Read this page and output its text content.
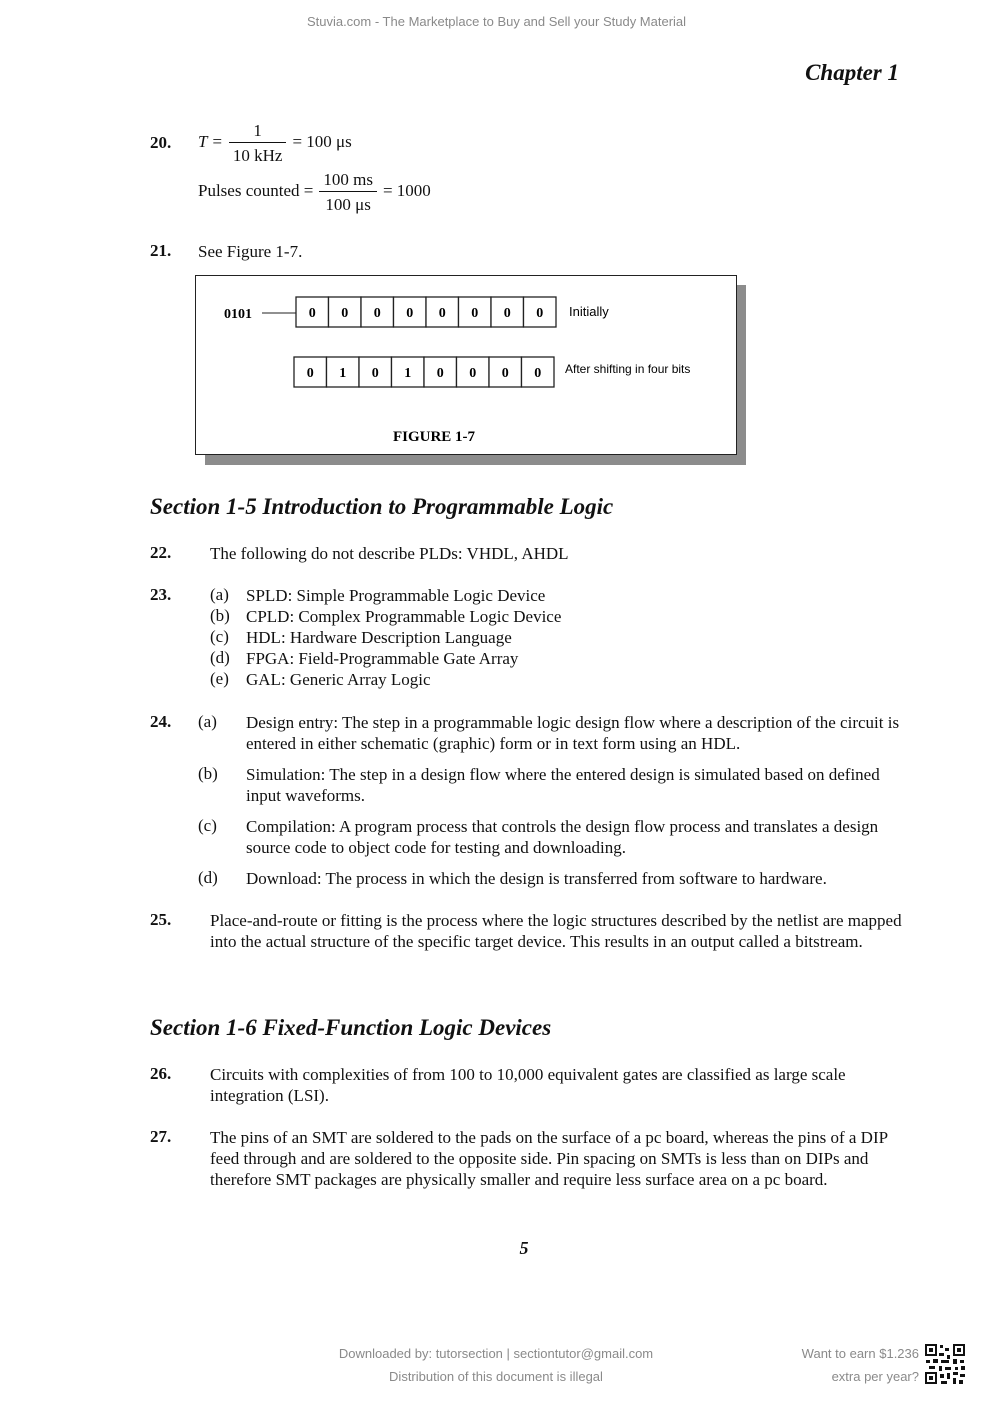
Stuvia.com - The Marketplace to Buy and Sell your Study Material
Chapter 1
20. $T = \frac{1}{\text{10 kHz}} = 100$ μs
Pulses counted = $\frac{100 ms}{100 \mu s} = 1000$
21. See Figure 1-7.
0101	0 0 0 0 0 0 0 0 Initially
0 1 0 1 0 0 0 0 After shifting in four bits
FIGURE 1-7
Section 1-5 Introduction to Programmable Logic
22. The following do not describe PLDs: VHDL, AHDL
23. (a) SPLD: Simple Programmable Logic Device
(b) CPLD: Complex Programmable Logic Device
(c) HDL: Hardware Description Language
(d) FPGA: Field-Programmable Gate Array
(e) GAL: Generic Array Logic
24. (a) Design entry: The step in a programmable logic design flow where a description of the circuit is entered in either schematic (graphic) form or in text form using an HDL.
(b) Simulation: The step in a design flow where the entered design is simulated based on defined input waveforms.
(c) Compilation: A program process that controls the design flow process and translates a design source code to object code for testing and downloading.
(d) Download: The process in which the design is transferred from software to hardware.
25. Place-and-route or fitting is the process where the logic structures described by the netlist are mapped into the actual structure of the specific target device. This results in an output called a bitstream.
Section 1-6 Fixed-Function Logic Devices
26. Circuits with complexities of from 100 to 10,000 equivalent gates are classified as large scale integration (LSI).
27. The pins of an SMT are soldered to the pads on the surface of a pc board, whereas the pins of a DIP feed through and are soldered to the opposite side. Pin spacing on SMTs is less than on DIPs and therefore SMT packages are physically smaller and require less surface area on a pc board.
5
Downloaded by: tutorsection | sectiontutor@gmail.com
Distribution of this document is illegal
Want to earn $1.236
extra per year?
